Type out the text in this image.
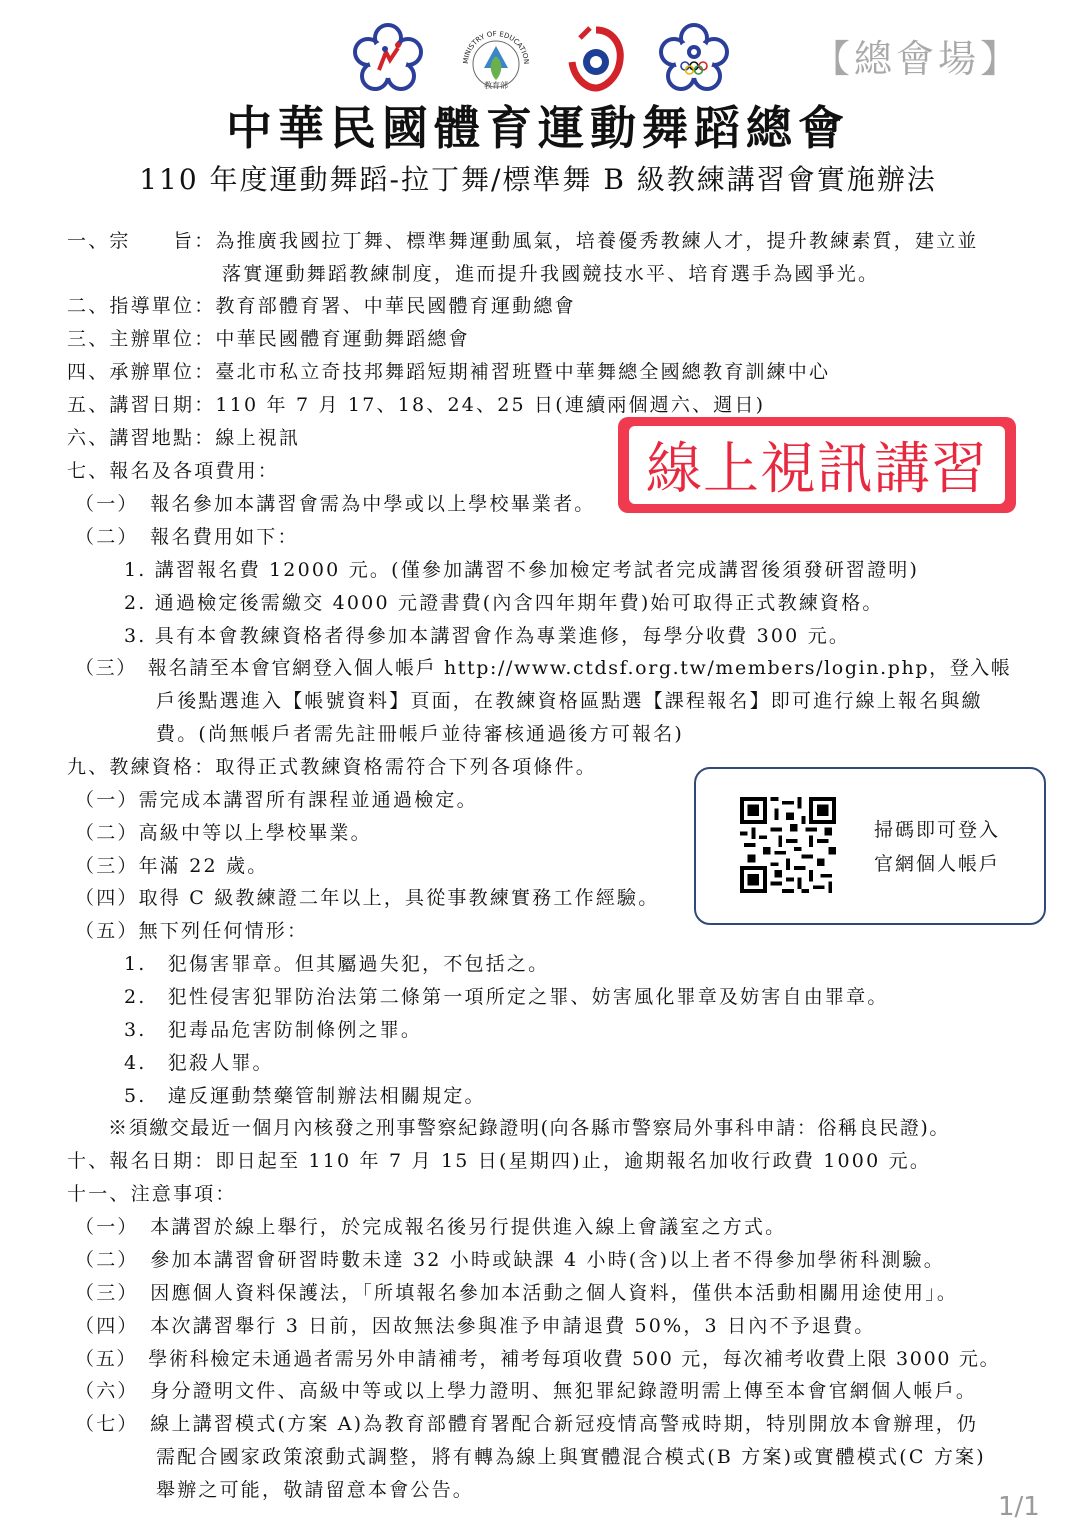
MINISTRY OF EDUCATION
教育部
【總會場】
中華民國體育運動舞蹈總會
110 年度運動舞蹈-拉丁舞/標準舞 B 級教練講習會實施辦法
一、宗　　旨：為推廣我國拉丁舞、標準舞運動風氣，培養優秀教練人才，提升教練素質，建立並
落實運動舞蹈教練制度，進而提升我國競技水平、培育選手為國爭光。
二、指導單位：教育部體育署、中華民國體育運動總會
三、主辦單位：中華民國體育運動舞蹈總會
四、承辦單位：臺北市私立奇技邦舞蹈短期補習班暨中華舞總全國總教育訓練中心
五、講習日期：110 年 7 月 17、18、24、25 日(連續兩個週六、週日)
六、講習地點：線上視訊
七、報名及各項費用：
（一）　報名參加本講習會需為中學或以上學校畢業者。
（二）　報名費用如下：
1. 講習報名費 12000 元。(僅參加講習不參加檢定考試者完成講習後須發研習證明)
2. 通過檢定後需繳交 4000 元證書費(內含四年期年費)始可取得正式教練資格。
3. 具有本會教練資格者得參加本講習會作為專業進修，每學分收費 300 元。
（三）　報名請至本會官網登入個人帳戶 http://www.ctdsf.org.tw/members/login.php，登入帳
戶後點選進入【帳號資料】頁面，在教練資格區點選【課程報名】即可進行線上報名與繳
費。(尚無帳戶者需先註冊帳戶並待審核通過後方可報名)
九、教練資格：取得正式教練資格需符合下列各項條件。
（一）需完成本講習所有課程並通過檢定。
（二）高級中等以上學校畢業。
（三）年滿 22 歲。
（四）取得 C 級教練證二年以上，具從事教練實務工作經驗。
（五）無下列任何情形：
1.　犯傷害罪章。但其屬過失犯，不包括之。
2.　犯性侵害犯罪防治法第二條第一項所定之罪、妨害風化罪章及妨害自由罪章。
3.　犯毒品危害防制條例之罪。
4.　犯殺人罪。
5.　違反運動禁藥管制辦法相關規定。
※須繳交最近一個月內核發之刑事警察紀錄證明(向各縣市警察局外事科申請：俗稱良民證)。
十、報名日期：即日起至 110 年 7 月 15 日(星期四)止，逾期報名加收行政費 1000 元。
十一、注意事項：
（一）　本講習於線上舉行，於完成報名後另行提供進入線上會議室之方式。
（二）　參加本講習會研習時數未達 32 小時或缺課 4 小時(含)以上者不得參加學術科測驗。
（三）　因應個人資料保護法，「所填報名參加本活動之個人資料，僅供本活動相關用途使用」。
（四）　本次講習舉行 3 日前，因故無法參與准予申請退費 50%，3 日內不予退費。
（五）　學術科檢定未通過者需另外申請補考，補考每項收費 500 元，每次補考收費上限 3000 元。
（六）　身分證明文件、高級中等或以上學力證明、無犯罪紀錄證明需上傳至本會官網個人帳戶。
（七）　線上講習模式(方案 A)為教育部體育署配合新冠疫情高警戒時期，特別開放本會辦理，仍
需配合國家政策滾動式調整，將有轉為線上與實體混合模式(B 方案)或實體模式(C 方案)
舉辦之可能，敬請留意本會公告。
線上視訊講習
掃碼即可登入
官網個人帳戶
1/1
